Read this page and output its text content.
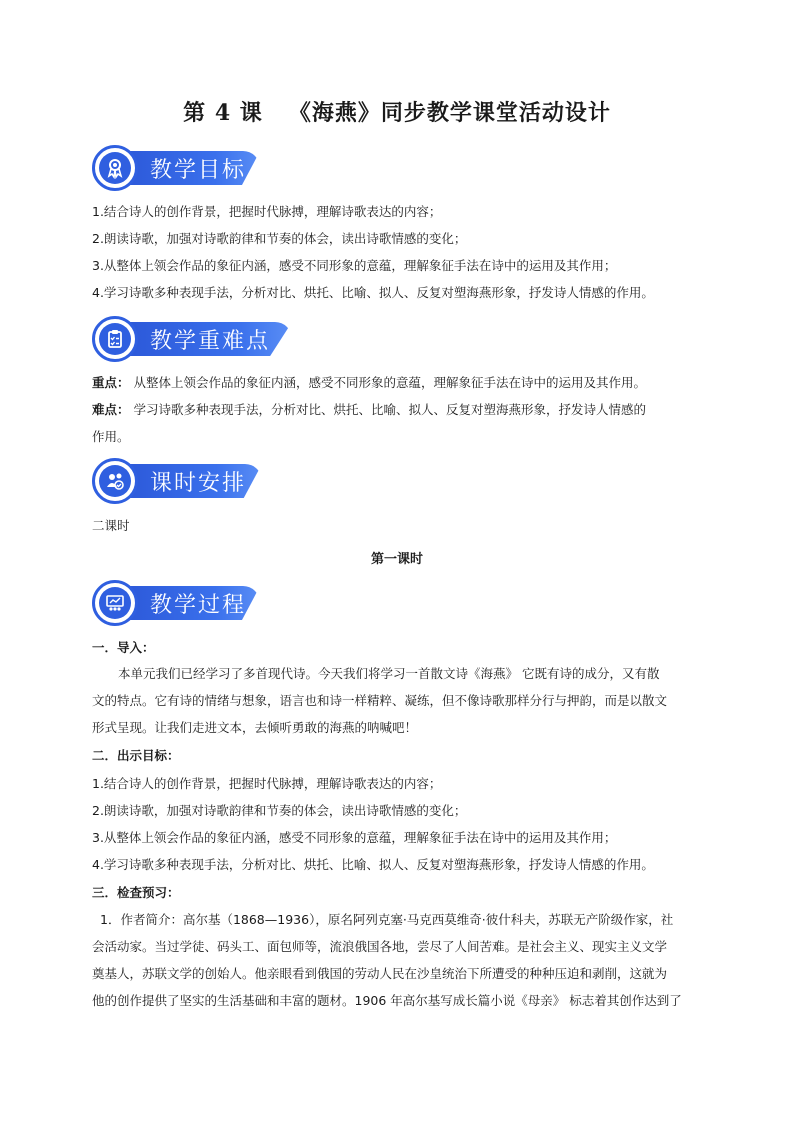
第 4 课 《海燕》同步教学课堂活动设计
教学目标
1.结合诗人的创作背景，把握时代脉搏，理解诗歌表达的内容；
2.朗读诗歌，加强对诗歌韵律和节奏的体会，读出诗歌情感的变化；
3.从整体上领会作品的象征内涵，感受不同形象的意蕴，理解象征手法在诗中的运用及其作用；
4.学习诗歌多种表现手法，分析对比、烘托、比喻、拟人、反复对塑海燕形象，抒发诗人情感的作用。
教学重难点
重点： 从整体上领会作品的象征内涵，感受不同形象的意蕴，理解象征手法在诗中的运用及其作用。
难点： 学习诗歌多种表现手法，分析对比、烘托、比喻、拟人、反复对塑海燕形象，抒发诗人情感的
作用。
课时安排
二课时
第一课时
教学过程
一．导入：
本单元我们已经学习了多首现代诗。今天我们将学习一首散文诗《海燕》 它既有诗的成分，又有散
文的特点。它有诗的情绪与想象，语言也和诗一样精粹、凝练，但不像诗歌那样分行与押韵，而是以散文
形式呈现。让我们走进文本，去倾听勇敢的海燕的呐喊吧！
二．出示目标：
1.结合诗人的创作背景，把握时代脉搏，理解诗歌表达的内容；
2.朗读诗歌，加强对诗歌韵律和节奏的体会，读出诗歌情感的变化；
3.从整体上领会作品的象征内涵，感受不同形象的意蕴，理解象征手法在诗中的运用及其作用；
4.学习诗歌多种表现手法，分析对比、烘托、比喻、拟人、反复对塑海燕形象，抒发诗人情感的作用。
三．检查预习：
1．作者简介：高尔基（1868—1936），原名阿列克塞·马克西莫维奇·彼什科夫，苏联无产阶级作家，社
会活动家。当过学徒、码头工、面包师等，流浪俄国各地，尝尽了人间苦难。是社会主义、现实主义文学
奠基人，苏联文学的创始人。他亲眼看到俄国的劳动人民在沙皇统治下所遭受的种种压迫和剥削，这就为
他的创作提供了坚实的生活基础和丰富的题材。1906 年高尔基写成长篇小说《母亲》 标志着其创作达到了
